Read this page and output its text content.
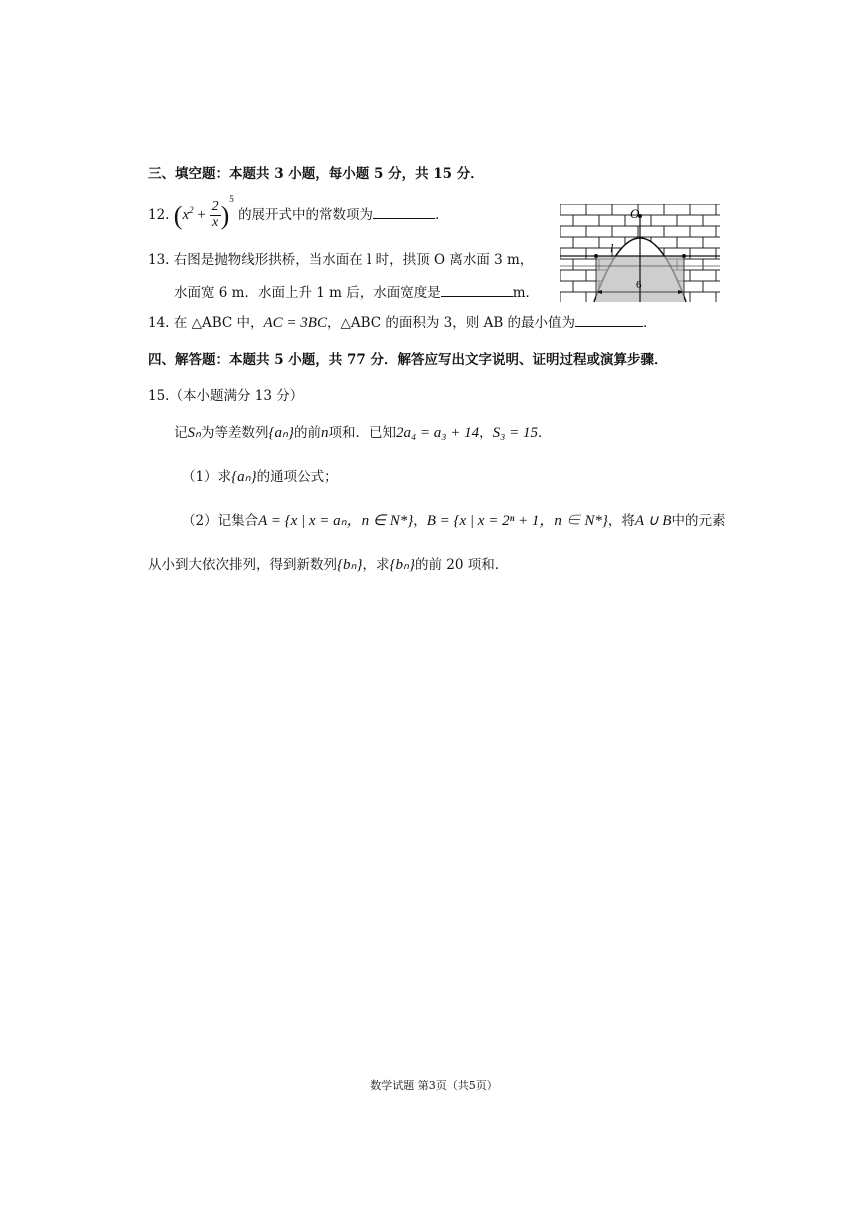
三、填空题：本题共 3 小题，每小题 5 分，共 15 分．
12. $(x^2 + \frac{2}{x} )^5$ 的展开式中的常数项为	．
13. 右图是抛物线形拱桥，当水面在 l 时，拱顶 O 离水面 3 m，
水面宽 6 m．水面上升 1 m 后，水面宽度是	m．
O
l
6
14. 在 △ABC 中，AC = 3BC，△ABC 的面积为 3，则 AB 的最小值为	．
四、解答题：本题共 5 小题，共 77 分．解答应写出文字说明、证明过程或演算步骤．
15.（本小题满分 13 分）
记Sₙ为等差数列{aₙ}的前n项和．已知2a₄ = a₃ + 14，S₃ = 15．
（1）求{aₙ}的通项公式；
（2）记集合A = {x | x = aₙ，n ∈ N*}，B = {x | x = 2ⁿ + 1，n ∈ N*}，将A ∪ B中的元素
从小到大依次排列，得到新数列{bₙ}，求{bₙ}的前 20 项和．
数学试题 第3页（共5页）
